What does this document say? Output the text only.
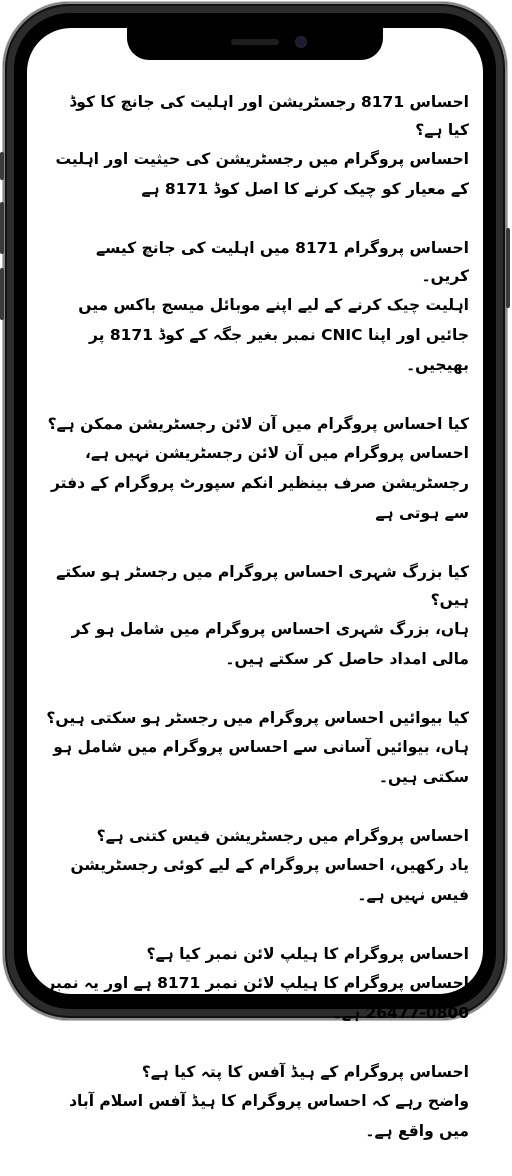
احساس 8171 رجسٹریشن اور اہلیت کی جانچ کا کوڈ کیا ہے؟
احساس پروگرام میں رجسٹریشن کی حیثیت اور اہلیت کے معیار کو چیک کرنے کا اصل کوڈ 8171 ہے
احساس پروگرام 8171 میں اہلیت کی جانچ کیسے کریں۔
اہلیت چیک کرنے کے لیے اپنے موبائل میسج باکس میں جائیں اور اپنا CNIC نمبر بغیر جگہ کے کوڈ 8171 پر بھیجیں۔
کیا احساس پروگرام میں آن لائن رجسٹریشن ممکن ہے؟
احساس پروگرام میں آن لائن رجسٹریشن نہیں ہے، رجسٹریشن صرف بینظیر انکم سپورٹ پروگرام کے دفتر سے ہوتی ہے
کیا بزرگ شہری احساس پروگرام میں رجسٹر ہو سکتے ہیں؟
ہاں، بزرگ شہری احساس پروگرام میں شامل ہو کر مالی امداد حاصل کر سکتے ہیں۔
کیا بیوائیں احساس پروگرام میں رجسٹر ہو سکتی ہیں؟
ہاں، بیوائیں آسانی سے احساس پروگرام میں شامل ہو سکتی ہیں۔
احساس پروگرام میں رجسٹریشن فیس کتنی ہے؟
یاد رکھیں، احساس پروگرام کے لیے کوئی رجسٹریشن فیس نہیں ہے۔
احساس پروگرام کا ہیلپ لائن نمبر کیا ہے؟
احساس پروگرام کا ہیلپ لائن نمبر 8171 ہے اور یہ نمبر 0800-26477 ہے۔
احساس پروگرام کے ہیڈ آفس کا پتہ کیا ہے؟
واضح رہے کہ احساس پروگرام کا ہیڈ آفس اسلام آباد میں واقع ہے۔
